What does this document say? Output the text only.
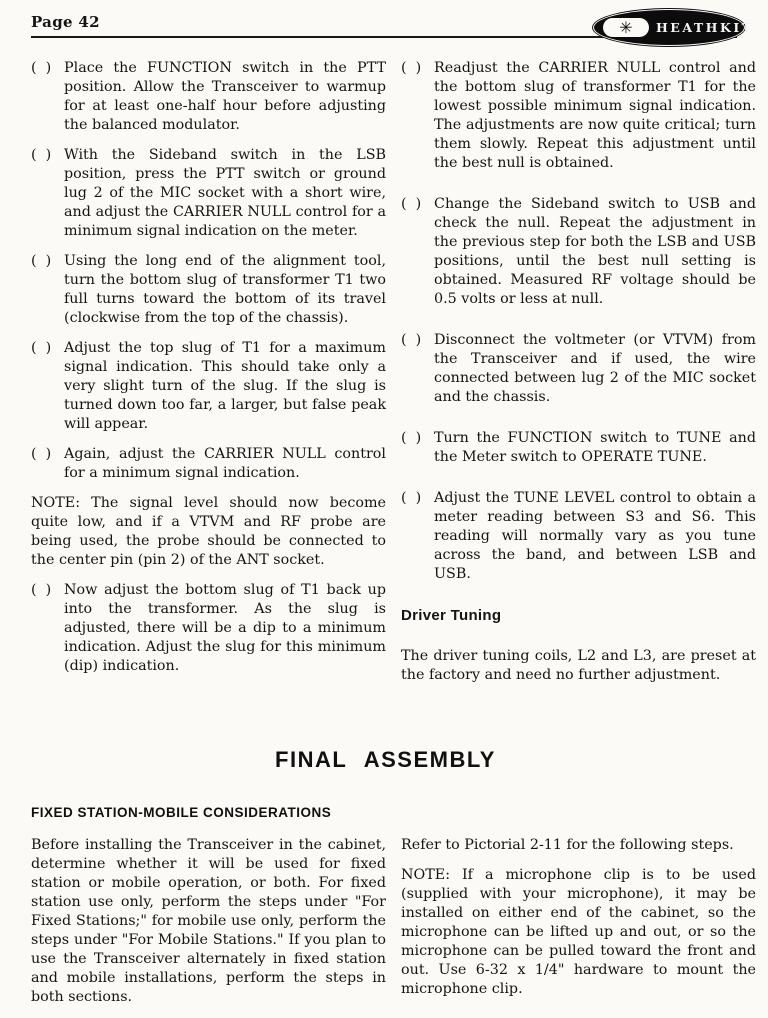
Page 42	✳ HEATHKIT
(  ) Place the FUNCTION switch in the PTT position. Allow the Transceiver to warmup for at least one-half hour before adjusting the balanced modulator.
(  ) With the Sideband switch in the LSB position, press the PTT switch or ground lug 2 of the MIC socket with a short wire, and adjust the CARRIER NULL control for a minimum signal indication on the meter.
(  ) Using the long end of the alignment tool, turn the bottom slug of transformer T1 two full turns toward the bottom of its travel (clockwise from the top of the chassis).
(  ) Adjust the top slug of T1 for a maximum signal indication. This should take only a very slight turn of the slug. If the slug is turned down too far, a larger, but false peak will appear.
(  ) Again, adjust the CARRIER NULL control for a minimum signal indication.
NOTE: The signal level should now become quite low, and if a VTVM and RF probe are being used, the probe should be connected to the center pin (pin 2) of the ANT socket.
(  ) Now adjust the bottom slug of T1 back up into the transformer. As the slug is adjusted, there will be a dip to a minimum indication. Adjust the slug for this minimum (dip) indication.
(  ) Readjust the CARRIER NULL control and the bottom slug of transformer T1 for the lowest possible minimum signal indication. The adjustments are now quite critical; turn them slowly. Repeat this adjustment until the best null is obtained.
(  ) Change the Sideband switch to USB and check the null. Repeat the adjustment in the previous step for both the LSB and USB positions, until the best null setting is obtained. Measured RF voltage should be 0.5 volts or less at null.
(  ) Disconnect the voltmeter (or VTVM) from the Transceiver and if used, the wire connected between lug 2 of the MIC socket and the chassis.
(  ) Turn the FUNCTION switch to TUNE and the Meter switch to OPERATE TUNE.
(  ) Adjust the TUNE LEVEL control to obtain a meter reading between S3 and S6. This reading will normally vary as you tune across the band, and between LSB and USB.
Driver Tuning
The driver tuning coils, L2 and L3, are preset at the factory and need no further adjustment.
FINAL ASSEMBLY
FIXED STATION-MOBILE CONSIDERATIONS
Before installing the Transceiver in the cabinet, determine whether it will be used for fixed station or mobile operation, or both. For fixed station use only, perform the steps under "For Fixed Stations;" for mobile use only, perform the steps under "For Mobile Stations." If you plan to use the Transceiver alternately in fixed station and mobile installations, perform the steps in both sections.
Refer to Pictorial 2-11 for the following steps.
NOTE: If a microphone clip is to be used (supplied with your microphone), it may be installed on either end of the cabinet, so the microphone can be lifted up and out, or so the microphone can be pulled toward the front and out. Use 6-32 x 1/4" hardware to mount the microphone clip.
